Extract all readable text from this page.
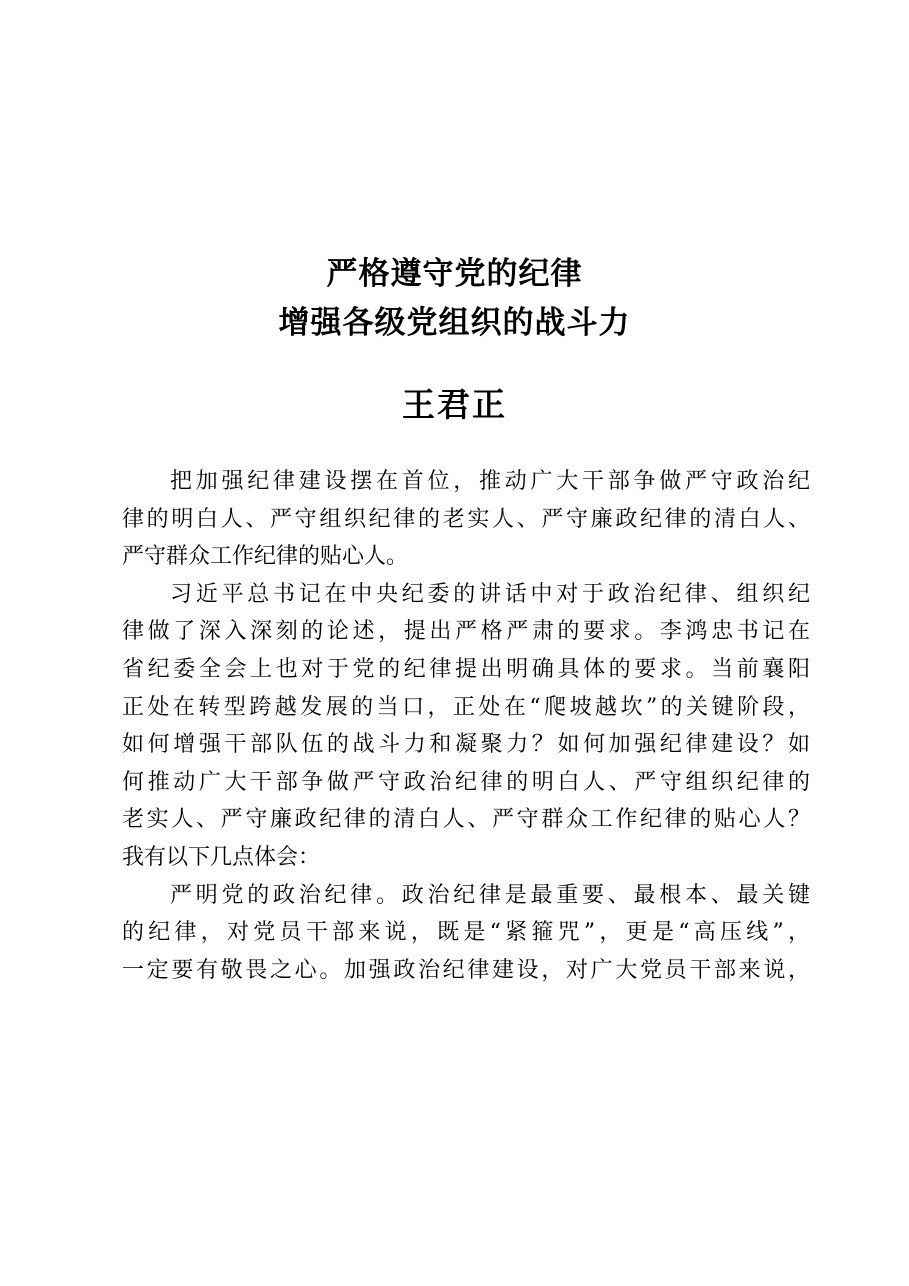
严格遵守党的纪律
增强各级党组织的战斗力
王君正
把加强纪律建设摆在首位，推动广大干部争做严守政治纪
律的明白人、严守组织纪律的老实人、严守廉政纪律的清白人、
严守群众工作纪律的贴心人。
习近平总书记在中央纪委的讲话中对于政治纪律、组织纪
律做了深入深刻的论述，提出严格严肃的要求。李鸿忠书记在
省纪委全会上也对于党的纪律提出明确具体的要求。当前襄阳
正处在转型跨越发展的当口，正处在“爬坡越坎”的关键阶段，
如何增强干部队伍的战斗力和凝聚力？如何加强纪律建设？如
何推动广大干部争做严守政治纪律的明白人、严守组织纪律的
老实人、严守廉政纪律的清白人、严守群众工作纪律的贴心人？
我有以下几点体会：
严明党的政治纪律。政治纪律是最重要、最根本、最关键
的纪律，对党员干部来说，既是“紧箍咒”，更是“高压线”，
一定要有敬畏之心。加强政治纪律建设，对广大党员干部来说，
